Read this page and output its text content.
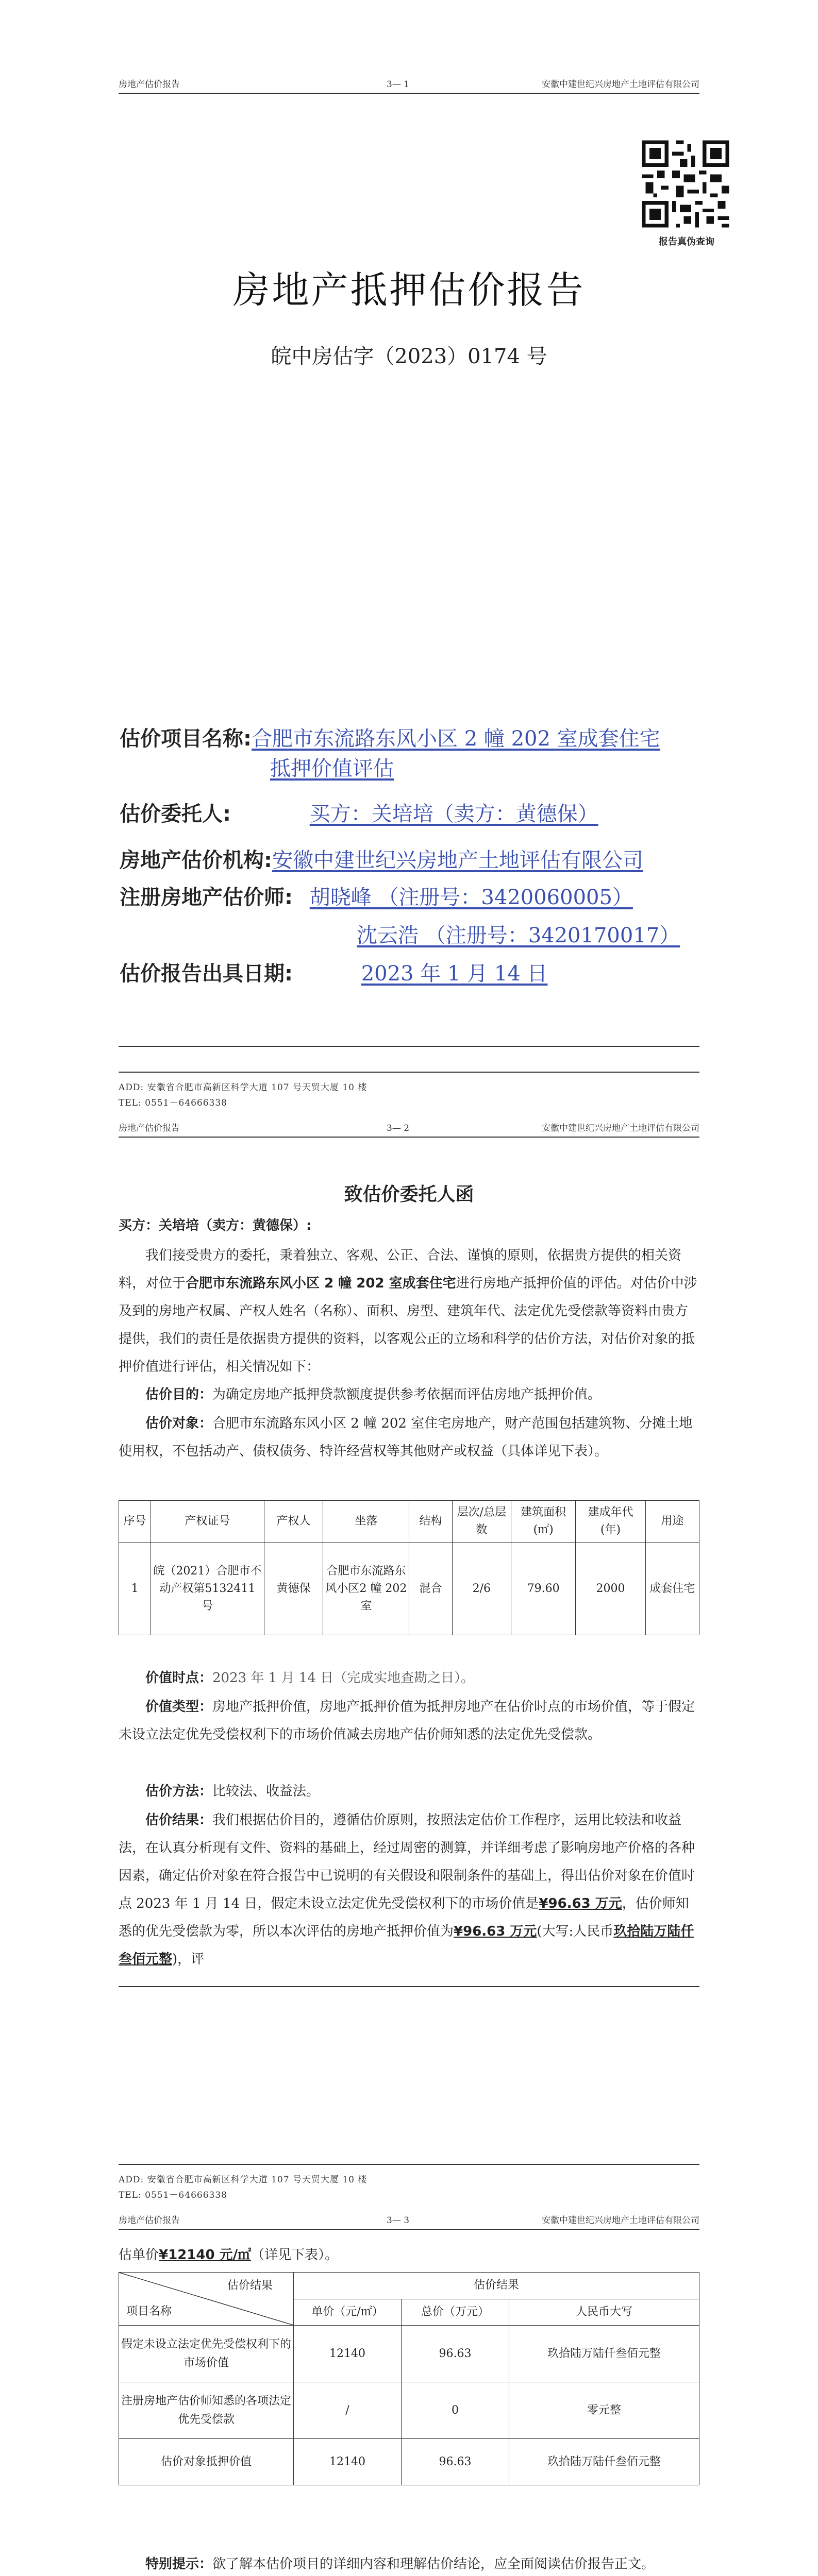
房地产估价报告	3— 1	安徽中建世纪兴房地产土地评估有限公司
报告真伪查询
房地产抵押估价报告
皖中房估字（2023）0174 号
估价项目名称:合肥市东流路东风小区 2 幢 202 室成套住宅
抵押价值评估
估价委托人:	买方：关培培（卖方：黄德保）
房地产估价机构:安徽中建世纪兴房地产土地评估有限公司
注册房地产估价师: 胡晓峰 （注册号：3420060005）
沈云浩 （注册号：3420170017）
估价报告出具日期:	2023 年 1 月 14 日
ADD: 安徽省合肥市高新区科学大道 107 号天贸大厦 10 楼
TEL: 0551－64666338
房地产估价报告	3— 2	安徽中建世纪兴房地产土地评估有限公司
致估价委托人函
买方：关培培（卖方：黄德保）:
我们接受贵方的委托，秉着独立、客观、公正、合法、谨慎的原则，依据贵方提供的相关资料，对位于合肥市东流路东风小区 2 幢 202 室成套住宅进行房地产抵押价值的评估。对估价中涉及到的房地产权属、产权人姓名（名称）、面积、房型、建筑年代、法定优先受偿款等资料由贵方提供，我们的责任是依据贵方提供的资料，以客观公正的立场和科学的估价方法，对估价对象的抵押价值进行评估，相关情况如下：
估价目的：为确定房地产抵押贷款额度提供参考依据而评估房地产抵押价值。
估价对象：合肥市东流路东风小区 2 幢 202 室住宅房地产，财产范围包括建筑物、分摊土地使用权，不包括动产、债权债务、特许经营权等其他财产或权益（具体详见下表）。
序号	产权证号	产权人	坐落	结构	层次/总层数	建筑面积(㎡)	建成年代(年)	用途
1	皖（2021）合肥市不动产权第5132411 号	黄德保	合肥市东流路东风小区2 幢 202 室	混合	2/6	79.60	2000	成套住宅
价值时点：2023 年 1 月 14 日（完成实地查勘之日）。
价值类型：房地产抵押价值，房地产抵押价值为抵押房地产在估价时点的市场价值，等于假定未设立法定优先受偿权利下的市场价值减去房地产估价师知悉的法定优先受偿款。
估价方法：比较法、收益法。
估价结果：我们根据估价目的，遵循估价原则，按照法定估价工作程序，运用比较法和收益法，在认真分析现有文件、资料的基础上，经过周密的测算，并详细考虑了影响房地产价格的各种因素，确定估价对象在符合报告中已说明的有关假设和限制条件的基础上，得出估价对象在价值时点 2023 年 1 月 14 日，假定未设立法定优先受偿权利下的市场价值是¥96.63 万元，估价师知悉的优先受偿款为零，所以本次评估的房地产抵押价值为¥96.63 万元(大写:人民币玖拾陆万陆仟叁佰元整)，评
ADD: 安徽省合肥市高新区科学大道 107 号天贸大厦 10 楼
TEL: 0551－64666338
房地产估价报告	3— 3	安徽中建世纪兴房地产土地评估有限公司
估单价¥12140 元/㎡（详见下表）。
估价结果
项目名称	估价结果		
	单价（元/㎡）	总价（万元）	人民币大写
假定未设立法定优先受偿权利下的市场价值	12140	96.63	玖拾陆万陆仟叁佰元整
注册房地产估价师知悉的各项法定优先受偿款	/	0	零元整
估价对象抵押价值	12140	96.63	玖拾陆万陆仟叁佰元整
特别提示：欲了解本估价项目的详细内容和理解估价结论，应全面阅读估价报告正文。
